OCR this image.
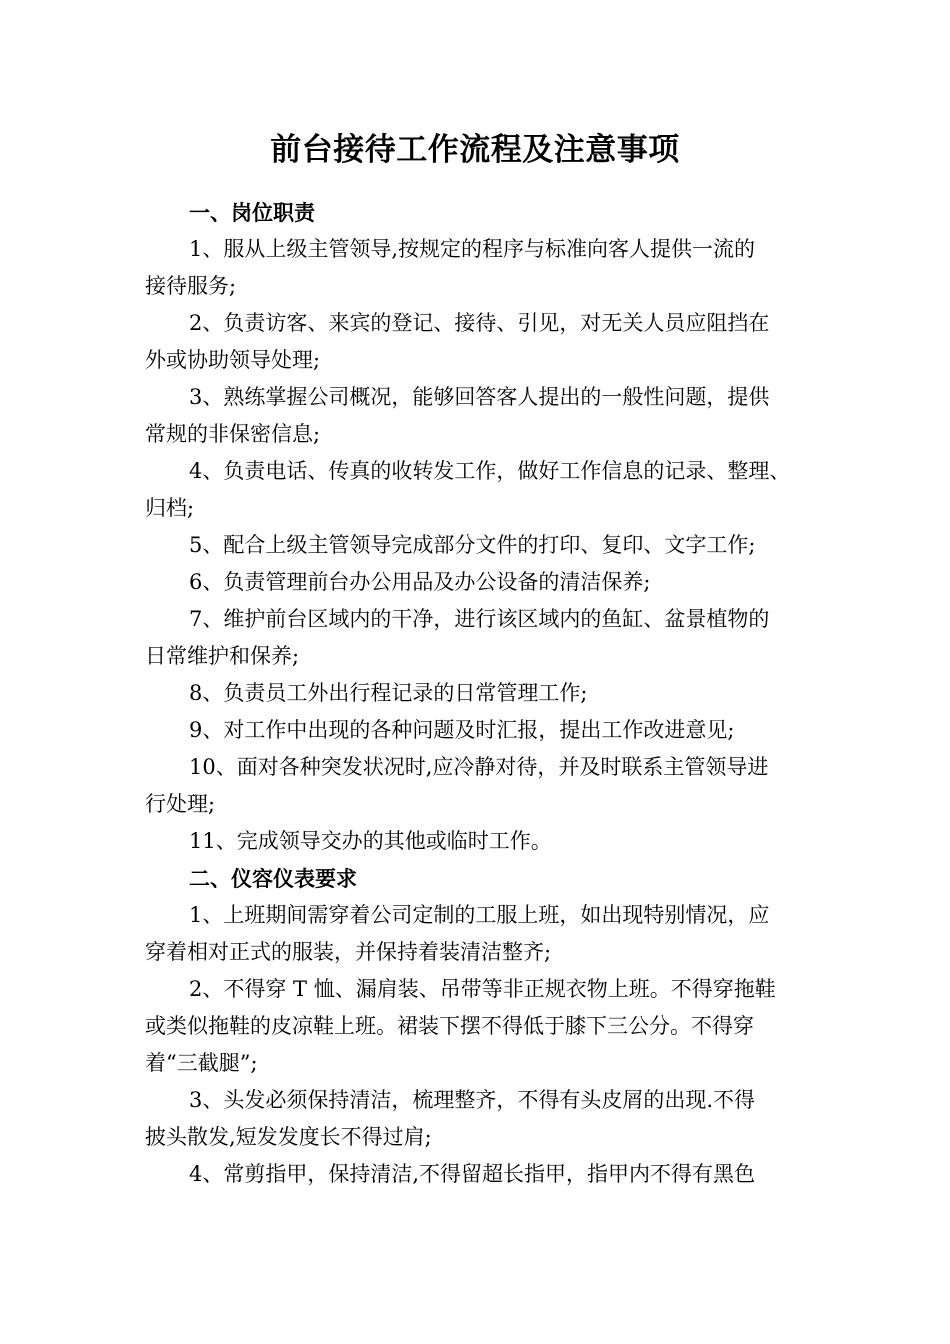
前台接待工作流程及注意事项

一、岗位职责

1、服从上级主管领导,按规定的程序与标准向客人提供一流的
接待服务;
2、负责访客、来宾的登记、接待、引见，对无关人员应阻挡在
外或协助领导处理;
3、熟练掌握公司概况，能够回答客人提出的一般性问题，提供
常规的非保密信息;
4、负责电话、传真的收转发工作，做好工作信息的记录、整理、
归档;
5、配合上级主管领导完成部分文件的打印、复印、文字工作;
6、负责管理前台办公用品及办公设备的清洁保养;
7、维护前台区域内的干净，进行该区域内的鱼缸、盆景植物的
日常维护和保养;
8、负责员工外出行程记录的日常管理工作;
9、对工作中出现的各种问题及时汇报，提出工作改进意见;
10、面对各种突发状况时,应冷静对待，并及时联系主管领导进
行处理;
11、完成领导交办的其他或临时工作。

二、仪容仪表要求

1、上班期间需穿着公司定制的工服上班，如出现特别情况，应
穿着相对正式的服装，并保持着装清洁整齐;
2、不得穿 T 恤、漏肩装、吊带等非正规衣物上班。不得穿拖鞋
或类似拖鞋的皮凉鞋上班。裙装下摆不得低于膝下三公分。不得穿
着“三截腿”;
3、头发必须保持清洁，梳理整齐，不得有头皮屑的出现.不得
披头散发,短发发度长不得过肩;
4、常剪指甲，保持清洁,不得留超长指甲，指甲内不得有黑色
